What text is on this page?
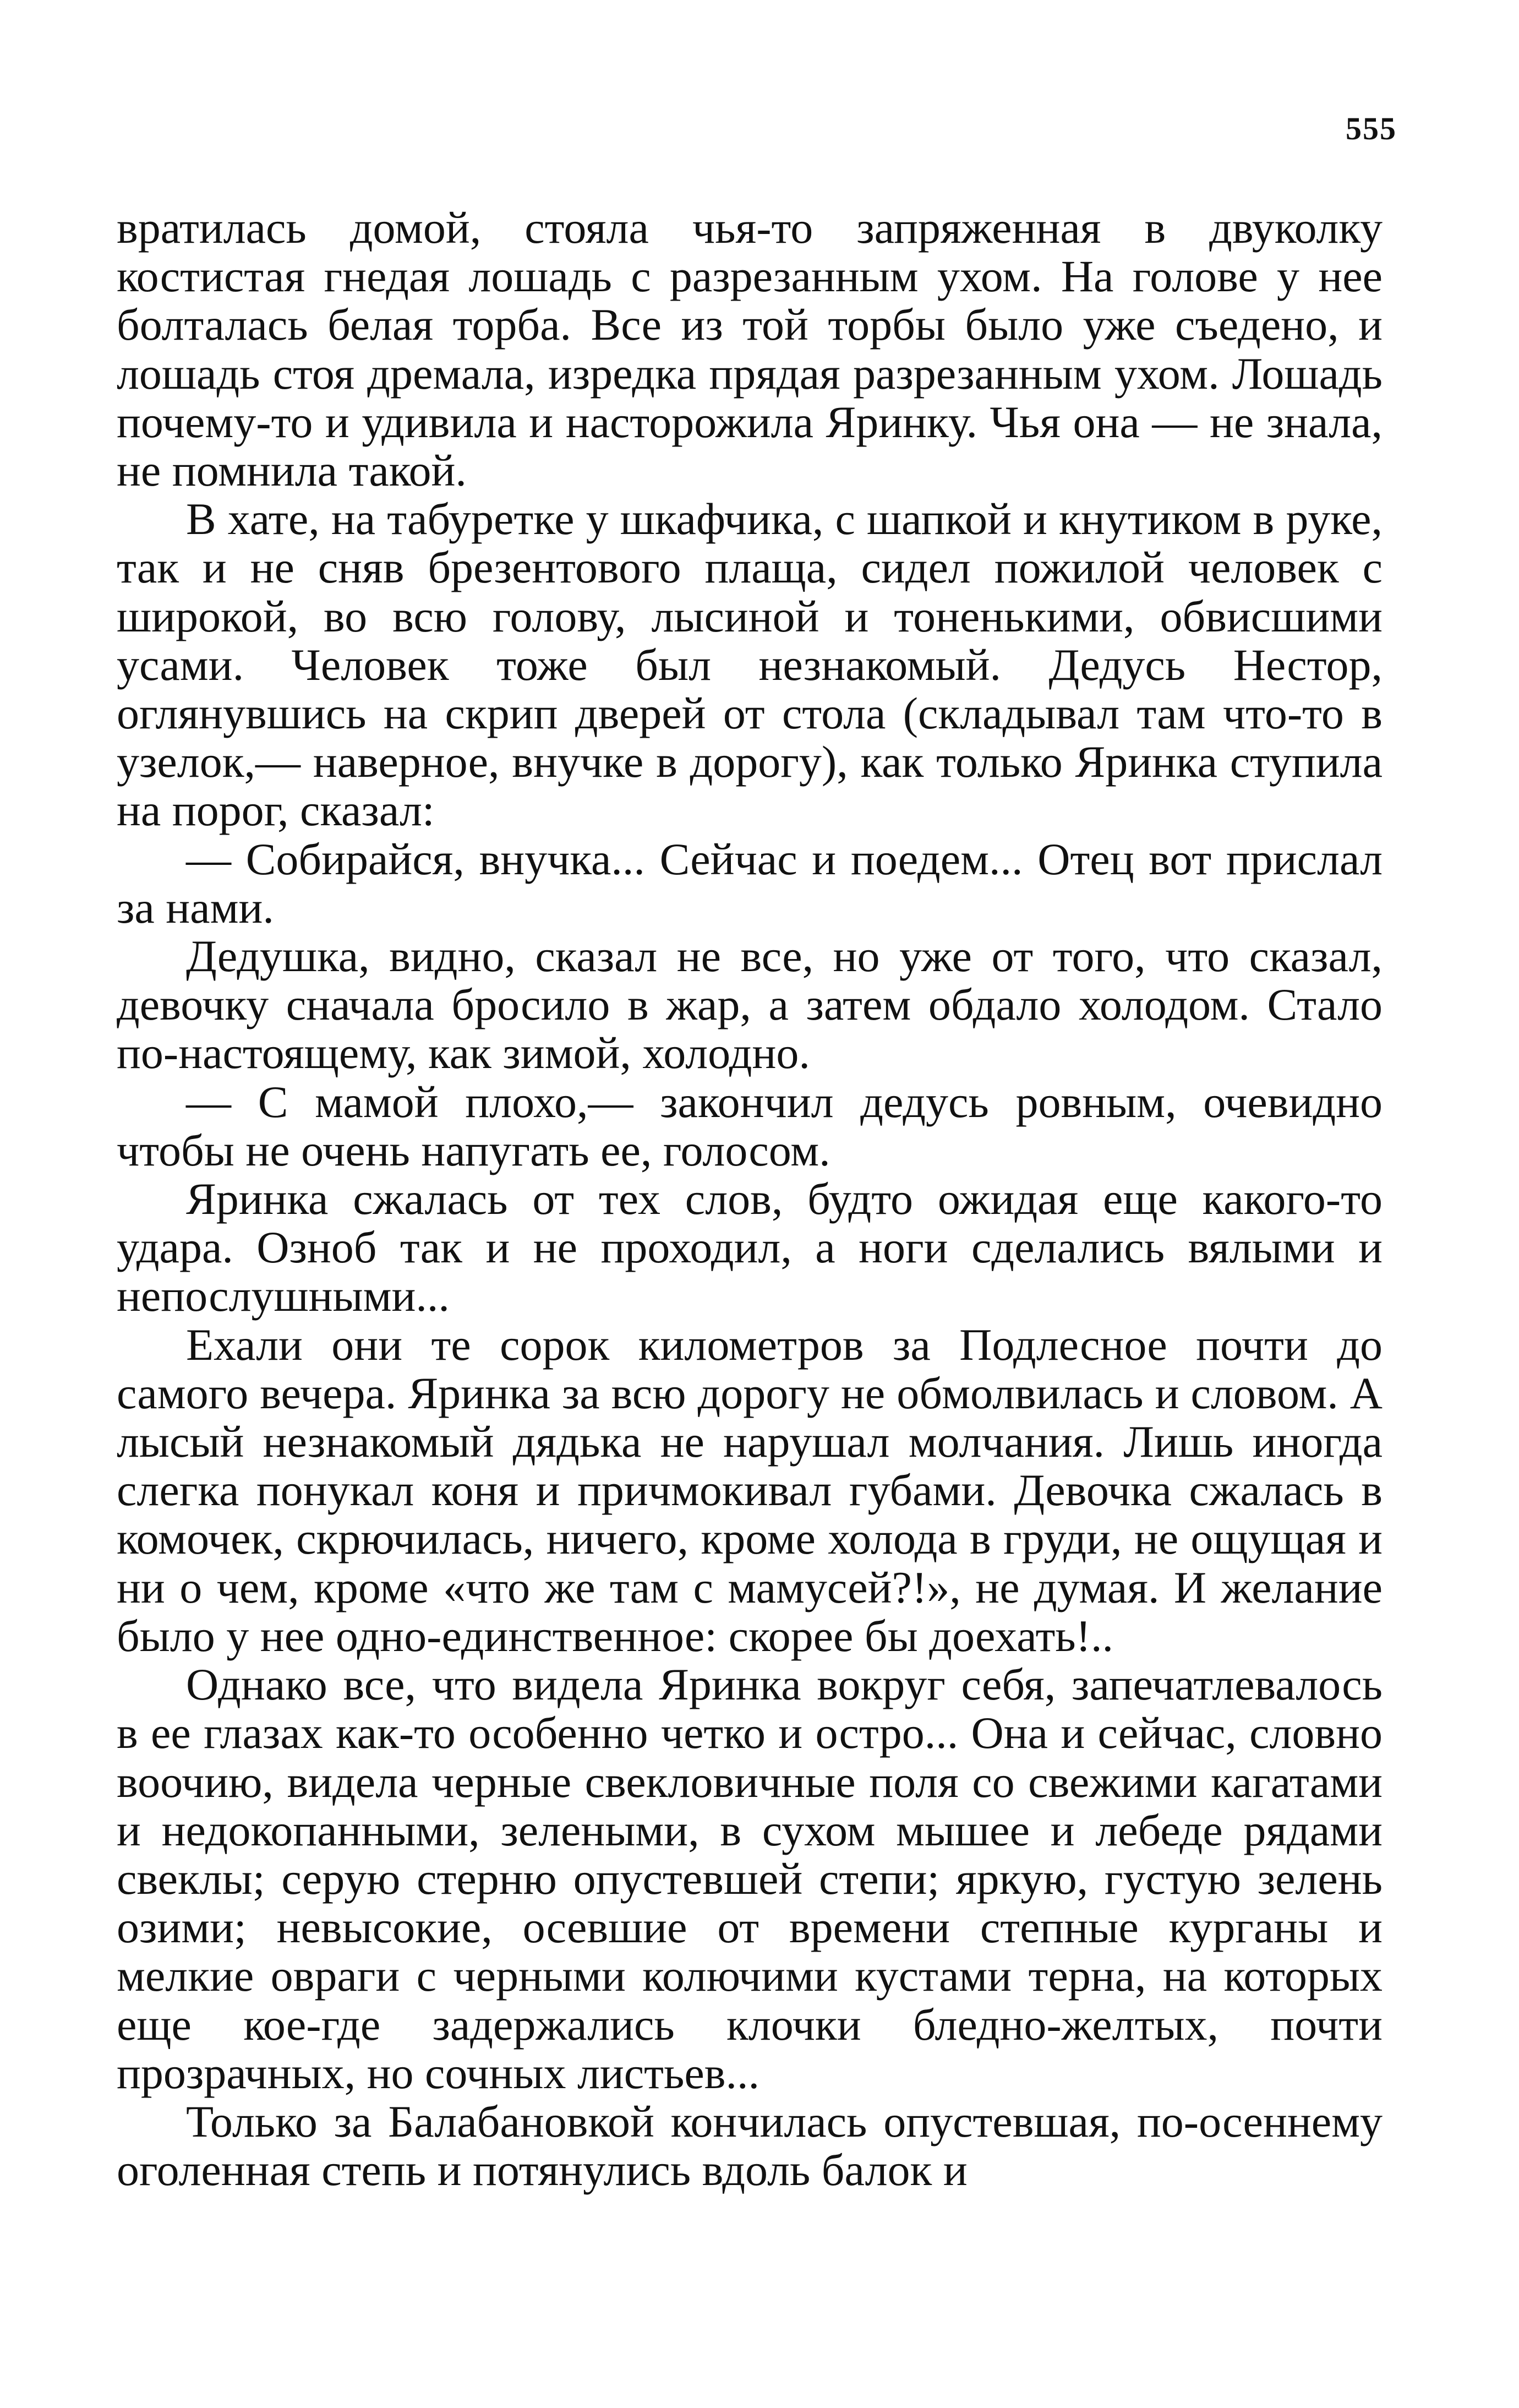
555

вратилась домой, стояла чья-то запряженная в двуколку костистая гнедая лошадь с разрезанным ухом. На голове у нее болталась белая торба. Все из той торбы было уже съедено, и лошадь стоя дремала, изредка прядая разрезанным ухом. Лошадь почему-то и удивила и насторожила Яринку. Чья она — не знала, не помнила такой.

В хате, на табуретке у шкафчика, с шапкой и кнутиком в руке, так и не сняв брезентового плаща, сидел пожилой человек с широкой, во всю голову, лысиной и тоненькими, обвисшими усами. Человек тоже был незнакомый. Дедусь Нестор, оглянувшись на скрип дверей от стола (складывал там что-то в узелок,— наверное, внучке в дорогу), как только Яринка ступила на порог, сказал:

— Собирайся, внучка... Сейчас и поедем... Отец вот прислал за нами.

Дедушка, видно, сказал не все, но уже от того, что сказал, девочку сначала бросило в жар, а затем обдало холодом. Стало по-настоящему, как зимой, холодно.

— С мамой плохо,— закончил дедусь ровным, очевидно чтобы не очень напугать ее, голосом.

Яринка сжалась от тех слов, будто ожидая еще какого-то удара. Озноб так и не проходил, а ноги сделались вялыми и непослушными...

Ехали они те сорок километров за Подлесное почти до самого вечера. Яринка за всю дорогу не обмолвилась и словом. А лысый незнакомый дядька не нарушал молчания. Лишь иногда слегка понукал коня и причмокивал губами. Девочка сжалась в комочек, скрючилась, ничего, кроме холода в груди, не ощущая и ни о чем, кроме «что же там с мамусей?!», не думая. И желание было у нее одно-единственное: скорее бы доехать!..

Однако все, что видела Яринка вокруг себя, запечатлевалось в ее глазах как-то особенно четко и остро... Она и сейчас, словно воочию, видела черные свекловичные поля со свежими кагатами и недокопанными, зелеными, в сухом мышее и лебеде рядами свеклы; серую стерню опустевшей степи; яркую, густую зелень озими; невысокие, осевшие от времени степные курганы и мелкие овраги с черными колючими кустами терна, на которых еще кое-где задержались клочки бледно-желтых, почти прозрачных, но сочных листьев...

Только за Балабановкой кончилась опустевшая, по-осеннему оголенная степь и потянулись вдоль балок и
